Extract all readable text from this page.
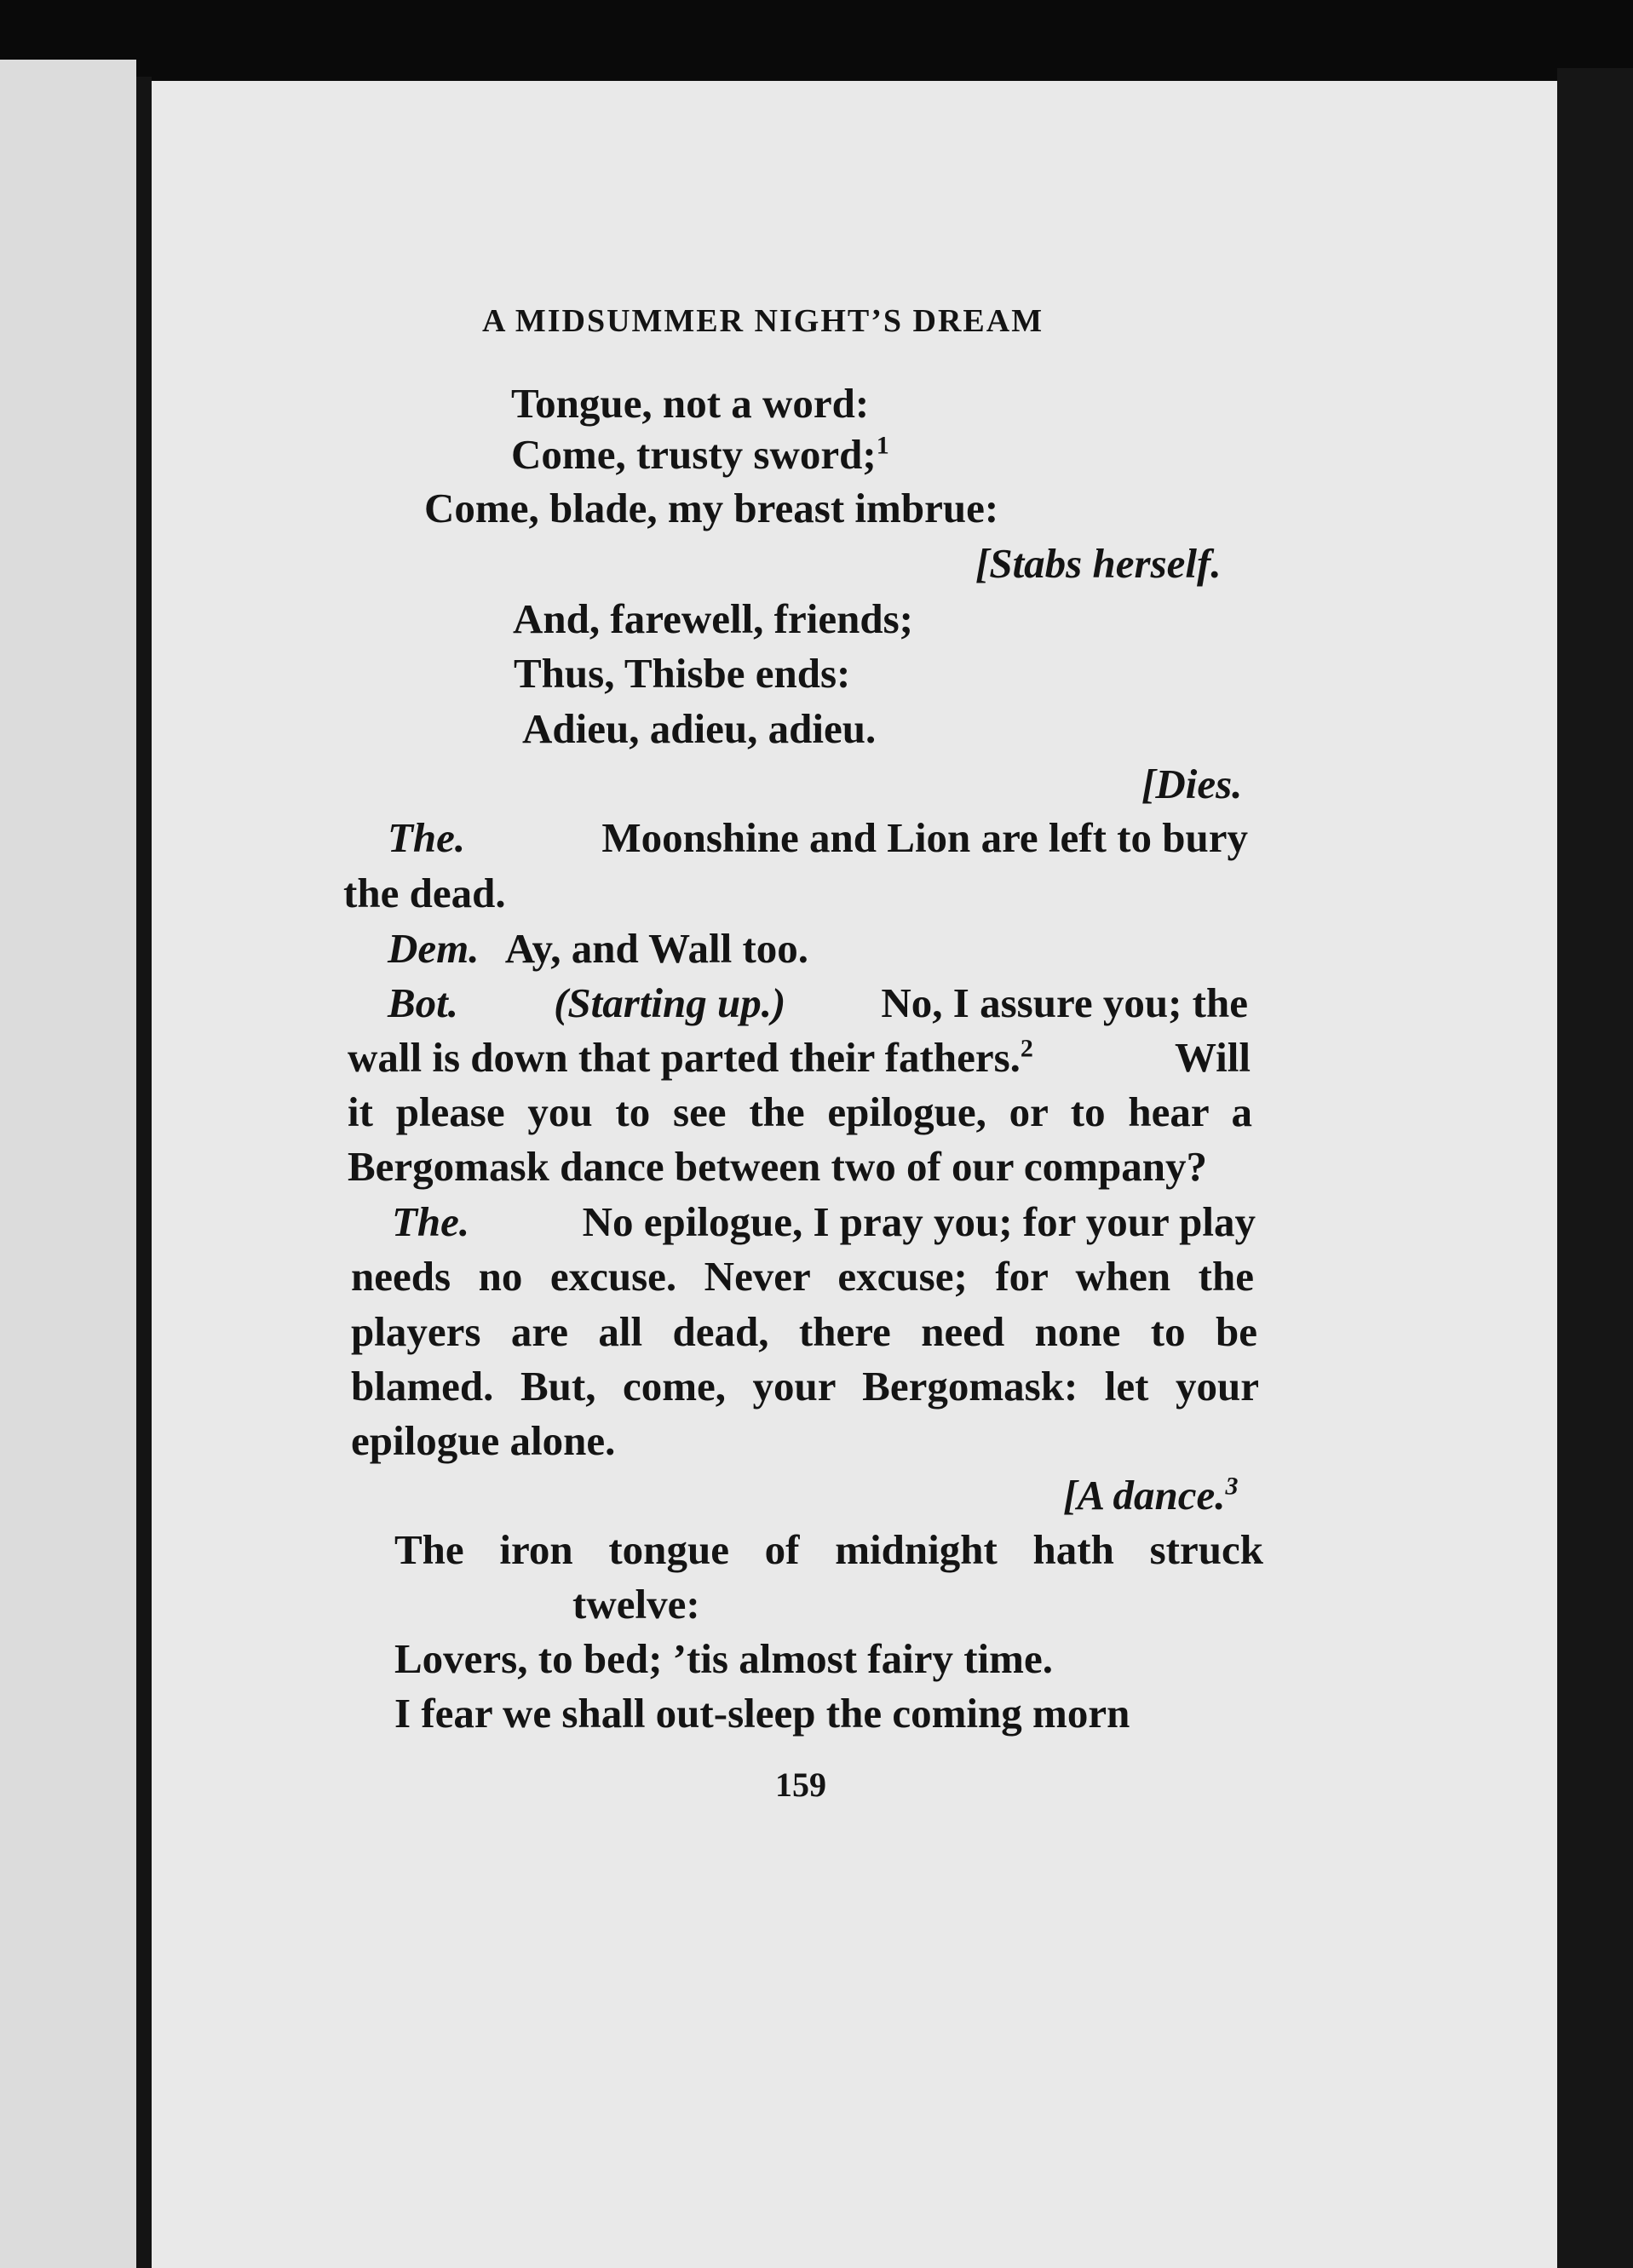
A MIDSUMMER NIGHT’S DREAM
Tongue, not a word:
Come, trusty sword;$^1$
Come, blade, my breast imbrue:
[Stabs herself.
And, farewell, friends;
Thus, Thisbe ends:
Adieu, adieu, adieu.
[Dies.
The.	Moonshine and Lion are left to bury
the dead.
Dem. Ay, and Wall too.
Bot. (Starting up.) No, I assure you; the
wall is down that parted their fathers.$^2$	Will
it please you to see the epilogue, or to hear a
Bergomask dance between two of our company?
The.	No epilogue, I pray you; for your play
needs no excuse. Never excuse; for when the
players are all dead, there need none to be
blamed. But, come, your Bergomask: let your
epilogue alone.
[A dance.$^3$
The iron tongue of midnight hath struck
twelve:
Lovers, to bed; ’tis almost fairy time.
I fear we shall out-sleep the coming morn
159
